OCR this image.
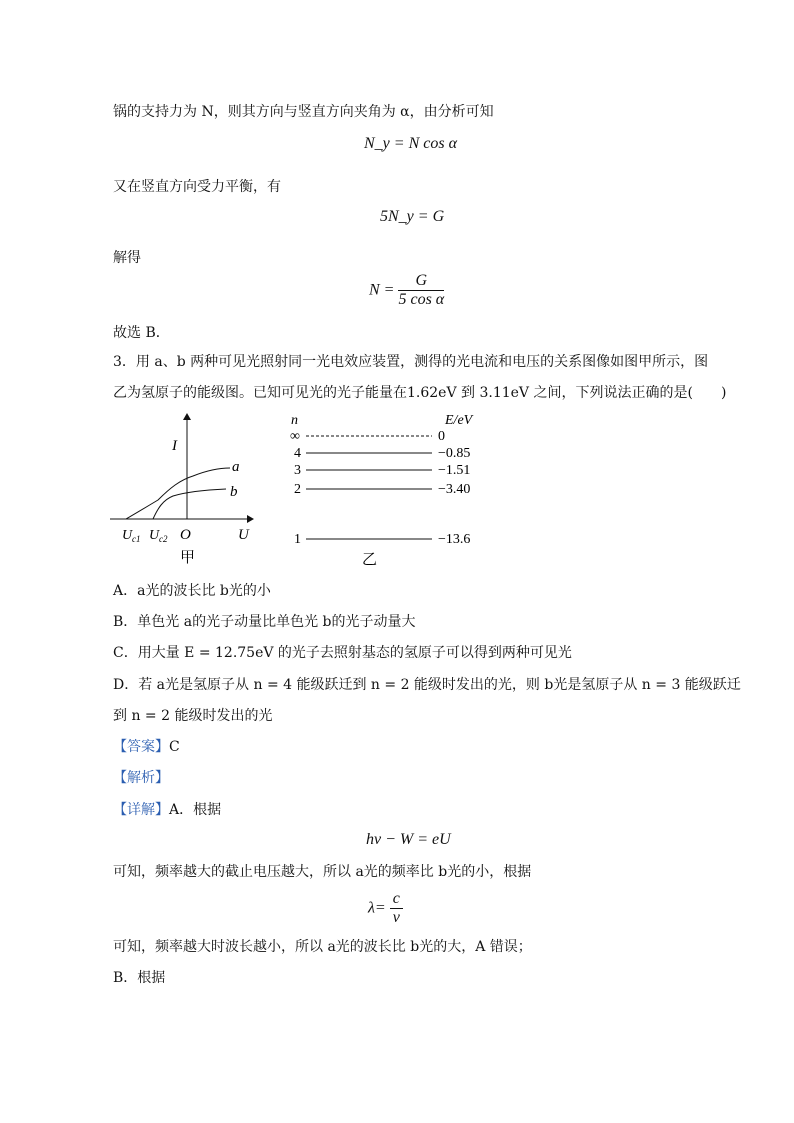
锅的支持力为 N，则其方向与竖直方向夹角为 α，由分析可知
N_y = N cos α
又在竖直方向受力平衡，有
5N_y = G
解得
$N = \frac{G}{\text{5 cos α}}$
故选 B．
3．用 a、b 两种可见光照射同一光电效应装置，测得的光电流和电压的关系图像如图甲所示，图
乙为氢原子的能级图。已知可见光的光子能量在1.62eV 到 3.11eV 之间，下列说法正确的是(　　)
I
U
O
a
b
U c1 U c2
甲
n	E/eV
∞	0
4	−0.85
3	−1.51
2	−3.40
1	−13.6
乙
A．a光的波长比 b光的小
B．单色光 a的光子动量比单色光 b的光子动量大
C．用大量 E = 12.75eV 的光子去照射基态的氢原子可以得到两种可见光
D．若 a光是氢原子从 n = 4 能级跃迁到 n = 2 能级时发出的光，则 b光是氢原子从 n = 3 能级跃迁
到 n = 2 能级时发出的光
【答案】C
【解析】
【详解】A．根据
hν − W = eU
可知，频率越大的截止电压越大，所以 a光的频率比 b光的小，根据
$\lambda= \frac{c}{\nu}$
可知，频率越大时波长越小，所以 a光的波长比 b光的大，A 错误；
B．根据
